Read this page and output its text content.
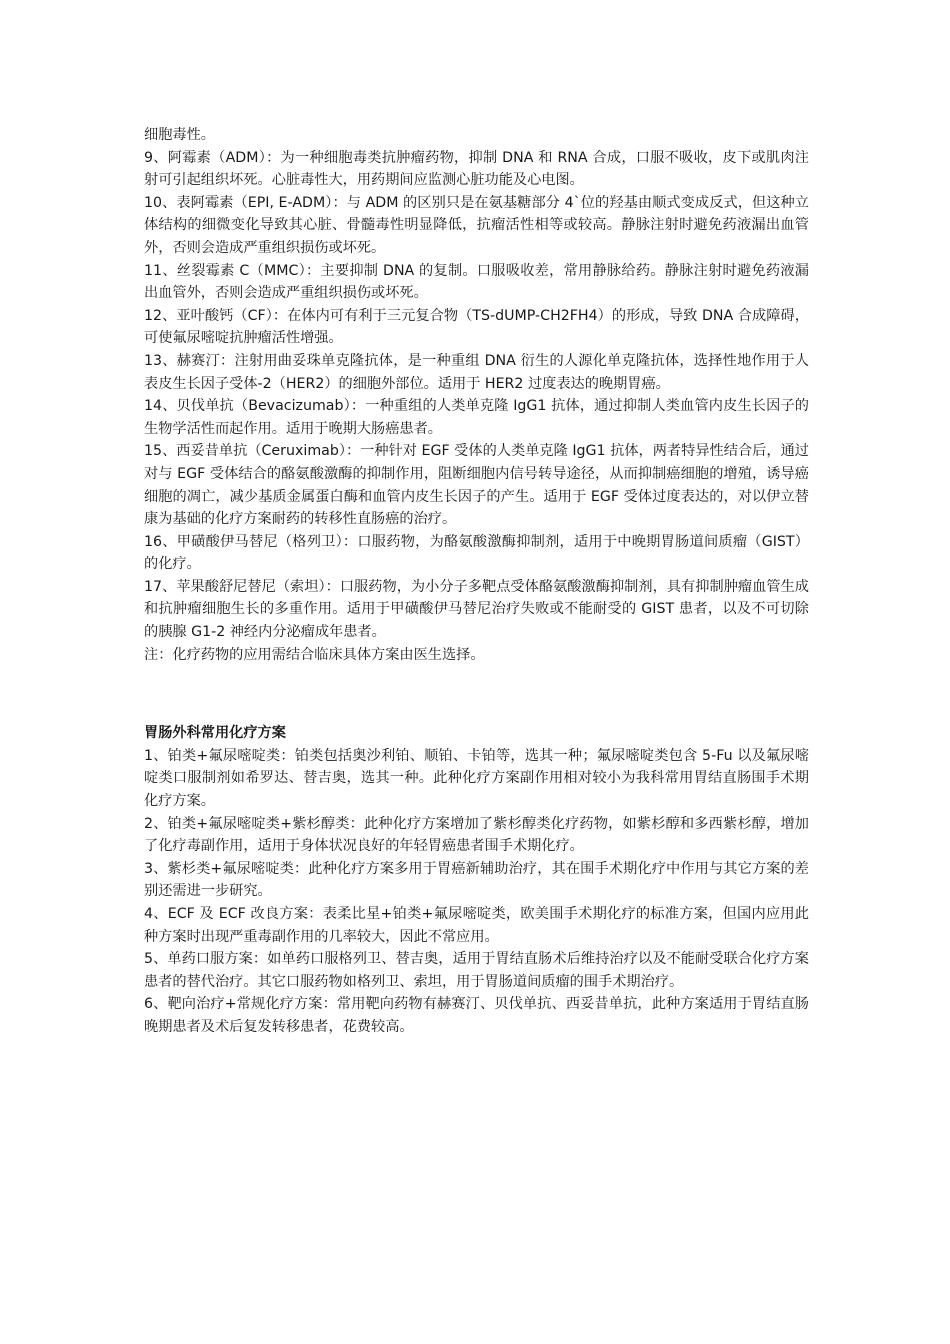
细胞毒性。

9、阿霉素（ADM）：为一种细胞毒类抗肿瘤药物，抑制 DNA 和 RNA 合成，口服不吸收，皮下或肌肉注射可引起组织坏死。心脏毒性大，用药期间应监测心脏功能及心电图。

10、表阿霉素（EPI, E-ADM）：与 ADM 的区别只是在氨基糖部分 4`位的羟基由顺式变成反式，但这种立体结构的细微变化导致其心脏、骨髓毒性明显降低，抗瘤活性相等或较高。静脉注射时避免药液漏出血管外，否则会造成严重组织损伤或坏死。

11、丝裂霉素 C（MMC）：主要抑制 DNA 的复制。口服吸收差，常用静脉给药。静脉注射时避免药液漏出血管外，否则会造成严重组织损伤或坏死。

12、亚叶酸钙（CF）：在体内可有利于三元复合物（TS-dUMP-CH2FH4）的形成，导致 DNA 合成障碍，可使氟尿嘧啶抗肿瘤活性增强。

13、赫赛汀：注射用曲妥珠单克隆抗体，是一种重组 DNA 衍生的人源化单克隆抗体，选择性地作用于人表皮生长因子受体-2（HER2）的细胞外部位。适用于 HER2 过度表达的晚期胃癌。

14、贝伐单抗（Bevacizumab）：一种重组的人类单克隆 IgG1 抗体，通过抑制人类血管内皮生长因子的生物学活性而起作用。适用于晚期大肠癌患者。

15、西妥昔单抗（Ceruximab）：一种针对 EGF 受体的人类单克隆 IgG1 抗体，两者特异性结合后，通过对与 EGF 受体结合的酪氨酸激酶的抑制作用，阻断细胞内信号转导途径，从而抑制癌细胞的增殖，诱导癌细胞的凋亡，减少基质金属蛋白酶和血管内皮生长因子的产生。适用于 EGF 受体过度表达的，对以伊立替康为基础的化疗方案耐药的转移性直肠癌的治疗。

16、甲磺酸伊马替尼（格列卫）：口服药物，为酪氨酸激酶抑制剂，适用于中晚期胃肠道间质瘤（GIST）的化疗。

17、苹果酸舒尼替尼（索坦）：口服药物，为小分子多靶点受体酪氨酸激酶抑制剂，具有抑制肿瘤血管生成和抗肿瘤细胞生长的多重作用。适用于甲磺酸伊马替尼治疗失败或不能耐受的 GIST 患者，以及不可切除的胰腺 G1-2 神经内分泌瘤成年患者。

注：化疗药物的应用需结合临床具体方案由医生选择。

胃肠外科常用化疗方案

1、铂类+氟尿嘧啶类：铂类包括奥沙利铂、顺铂、卡铂等，选其一种；氟尿嘧啶类包含 5-Fu 以及氟尿嘧啶类口服制剂如希罗达、替吉奥，选其一种。此种化疗方案副作用相对较小为我科常用胃结直肠围手术期化疗方案。

2、铂类+氟尿嘧啶类+紫杉醇类：此种化疗方案增加了紫杉醇类化疗药物，如紫杉醇和多西紫杉醇，增加了化疗毒副作用，适用于身体状况良好的年轻胃癌患者围手术期化疗。

3、紫杉类+氟尿嘧啶类：此种化疗方案多用于胃癌新辅助治疗，其在围手术期化疗中作用与其它方案的差别还需进一步研究。

4、ECF 及 ECF 改良方案：表柔比星+铂类+氟尿嘧啶类，欧美围手术期化疗的标准方案，但国内应用此种方案时出现严重毒副作用的几率较大，因此不常应用。

5、单药口服方案：如单药口服格列卫、替吉奥，适用于胃结直肠术后维持治疗以及不能耐受联合化疗方案患者的替代治疗。其它口服药物如格列卫、索坦，用于胃肠道间质瘤的围手术期治疗。

6、靶向治疗+常规化疗方案：常用靶向药物有赫赛汀、贝伐单抗、西妥昔单抗，此种方案适用于胃结直肠晚期患者及术后复发转移患者，花费较高。
